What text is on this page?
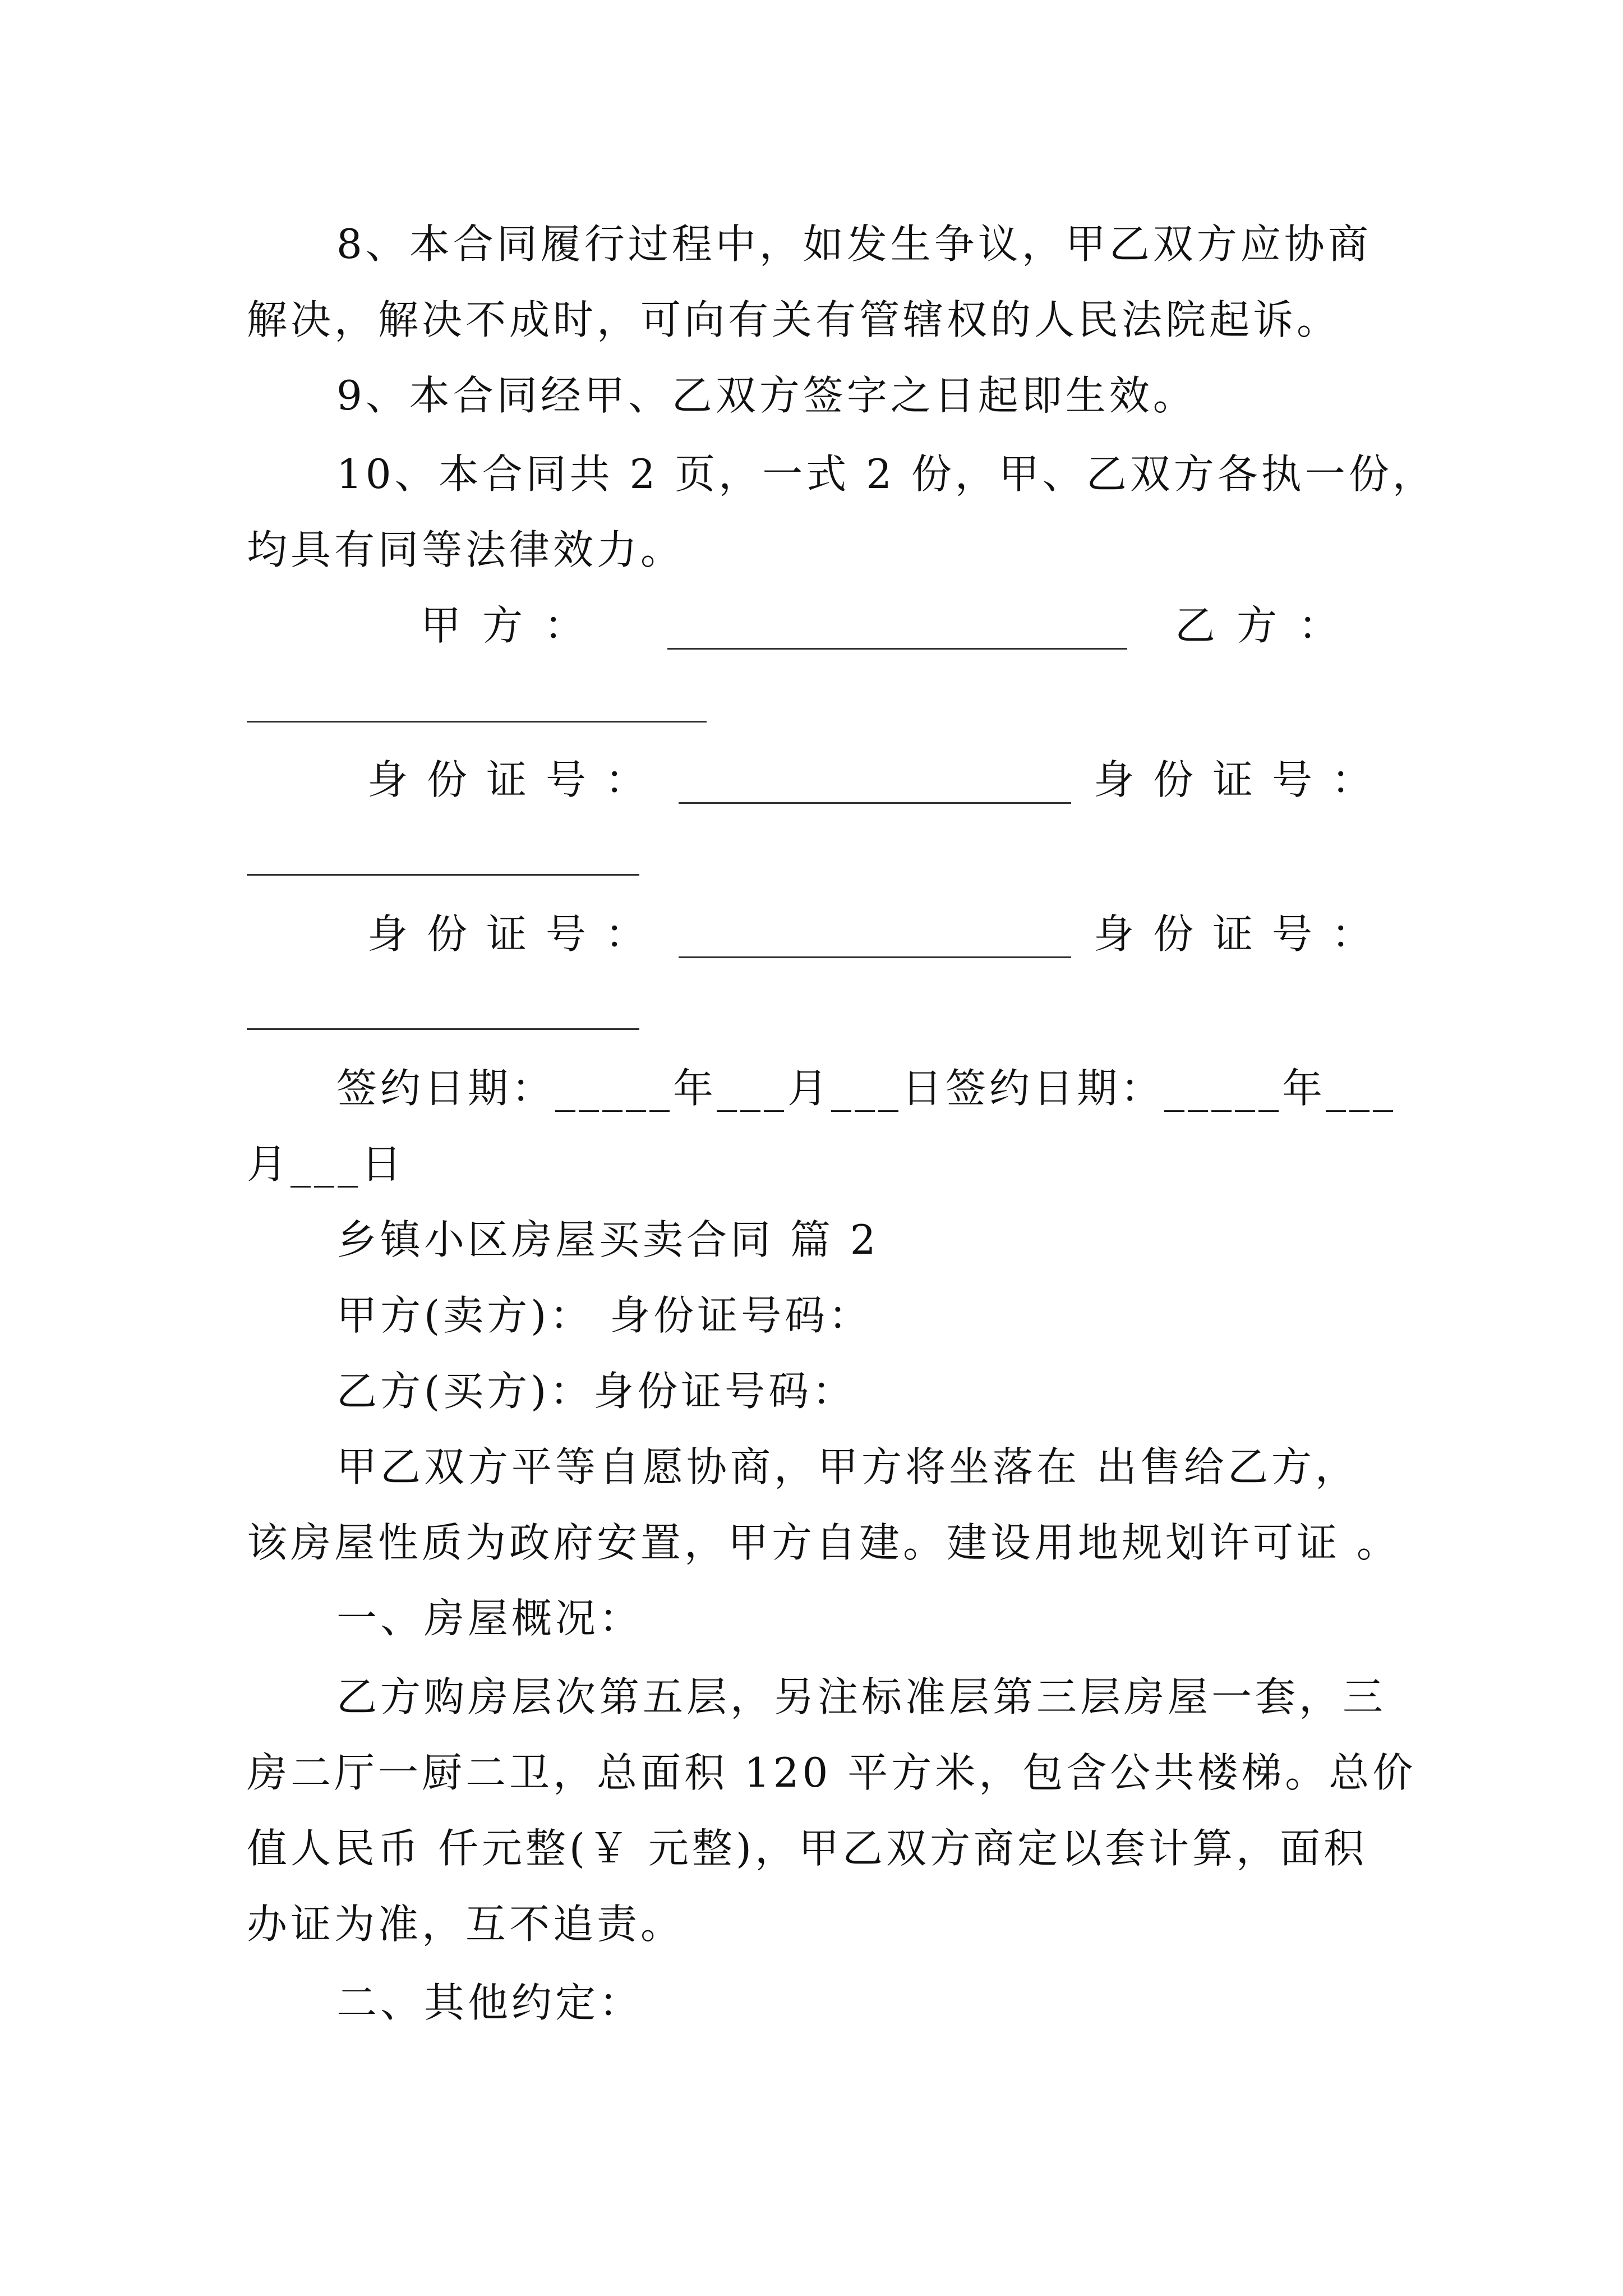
8、本合同履行过程中，如发生争议，甲乙双方应协商
解决，解决不成时，可向有关有管辖权的人民法院起诉。
9、本合同经甲、乙双方签字之日起即生效。
10、本合同共 2 页，一式 2 份，甲、乙双方各执一份，
均具有同等法律效力。
甲方：	乙方：
身份证号：	身份证号：
身份证号：	身份证号：
签约日期：_____年___月___日签约日期：_____年___
月___日
乡镇小区房屋买卖合同 篇 2
甲方(卖方)： 身份证号码：
乙方(买方)：身份证号码：
甲乙双方平等自愿协商，甲方将坐落在 出售给乙方，
该房屋性质为政府安置，甲方自建。建设用地规划许可证 。
一、房屋概况：
乙方购房层次第五层，另注标准层第三层房屋一套，三
房二厅一厨二卫，总面积 120 平方米，包含公共楼梯。总价
值人民币 仟元整(￥ 元整)，甲乙双方商定以套计算，面积
办证为准，互不追责。
二、其他约定：
